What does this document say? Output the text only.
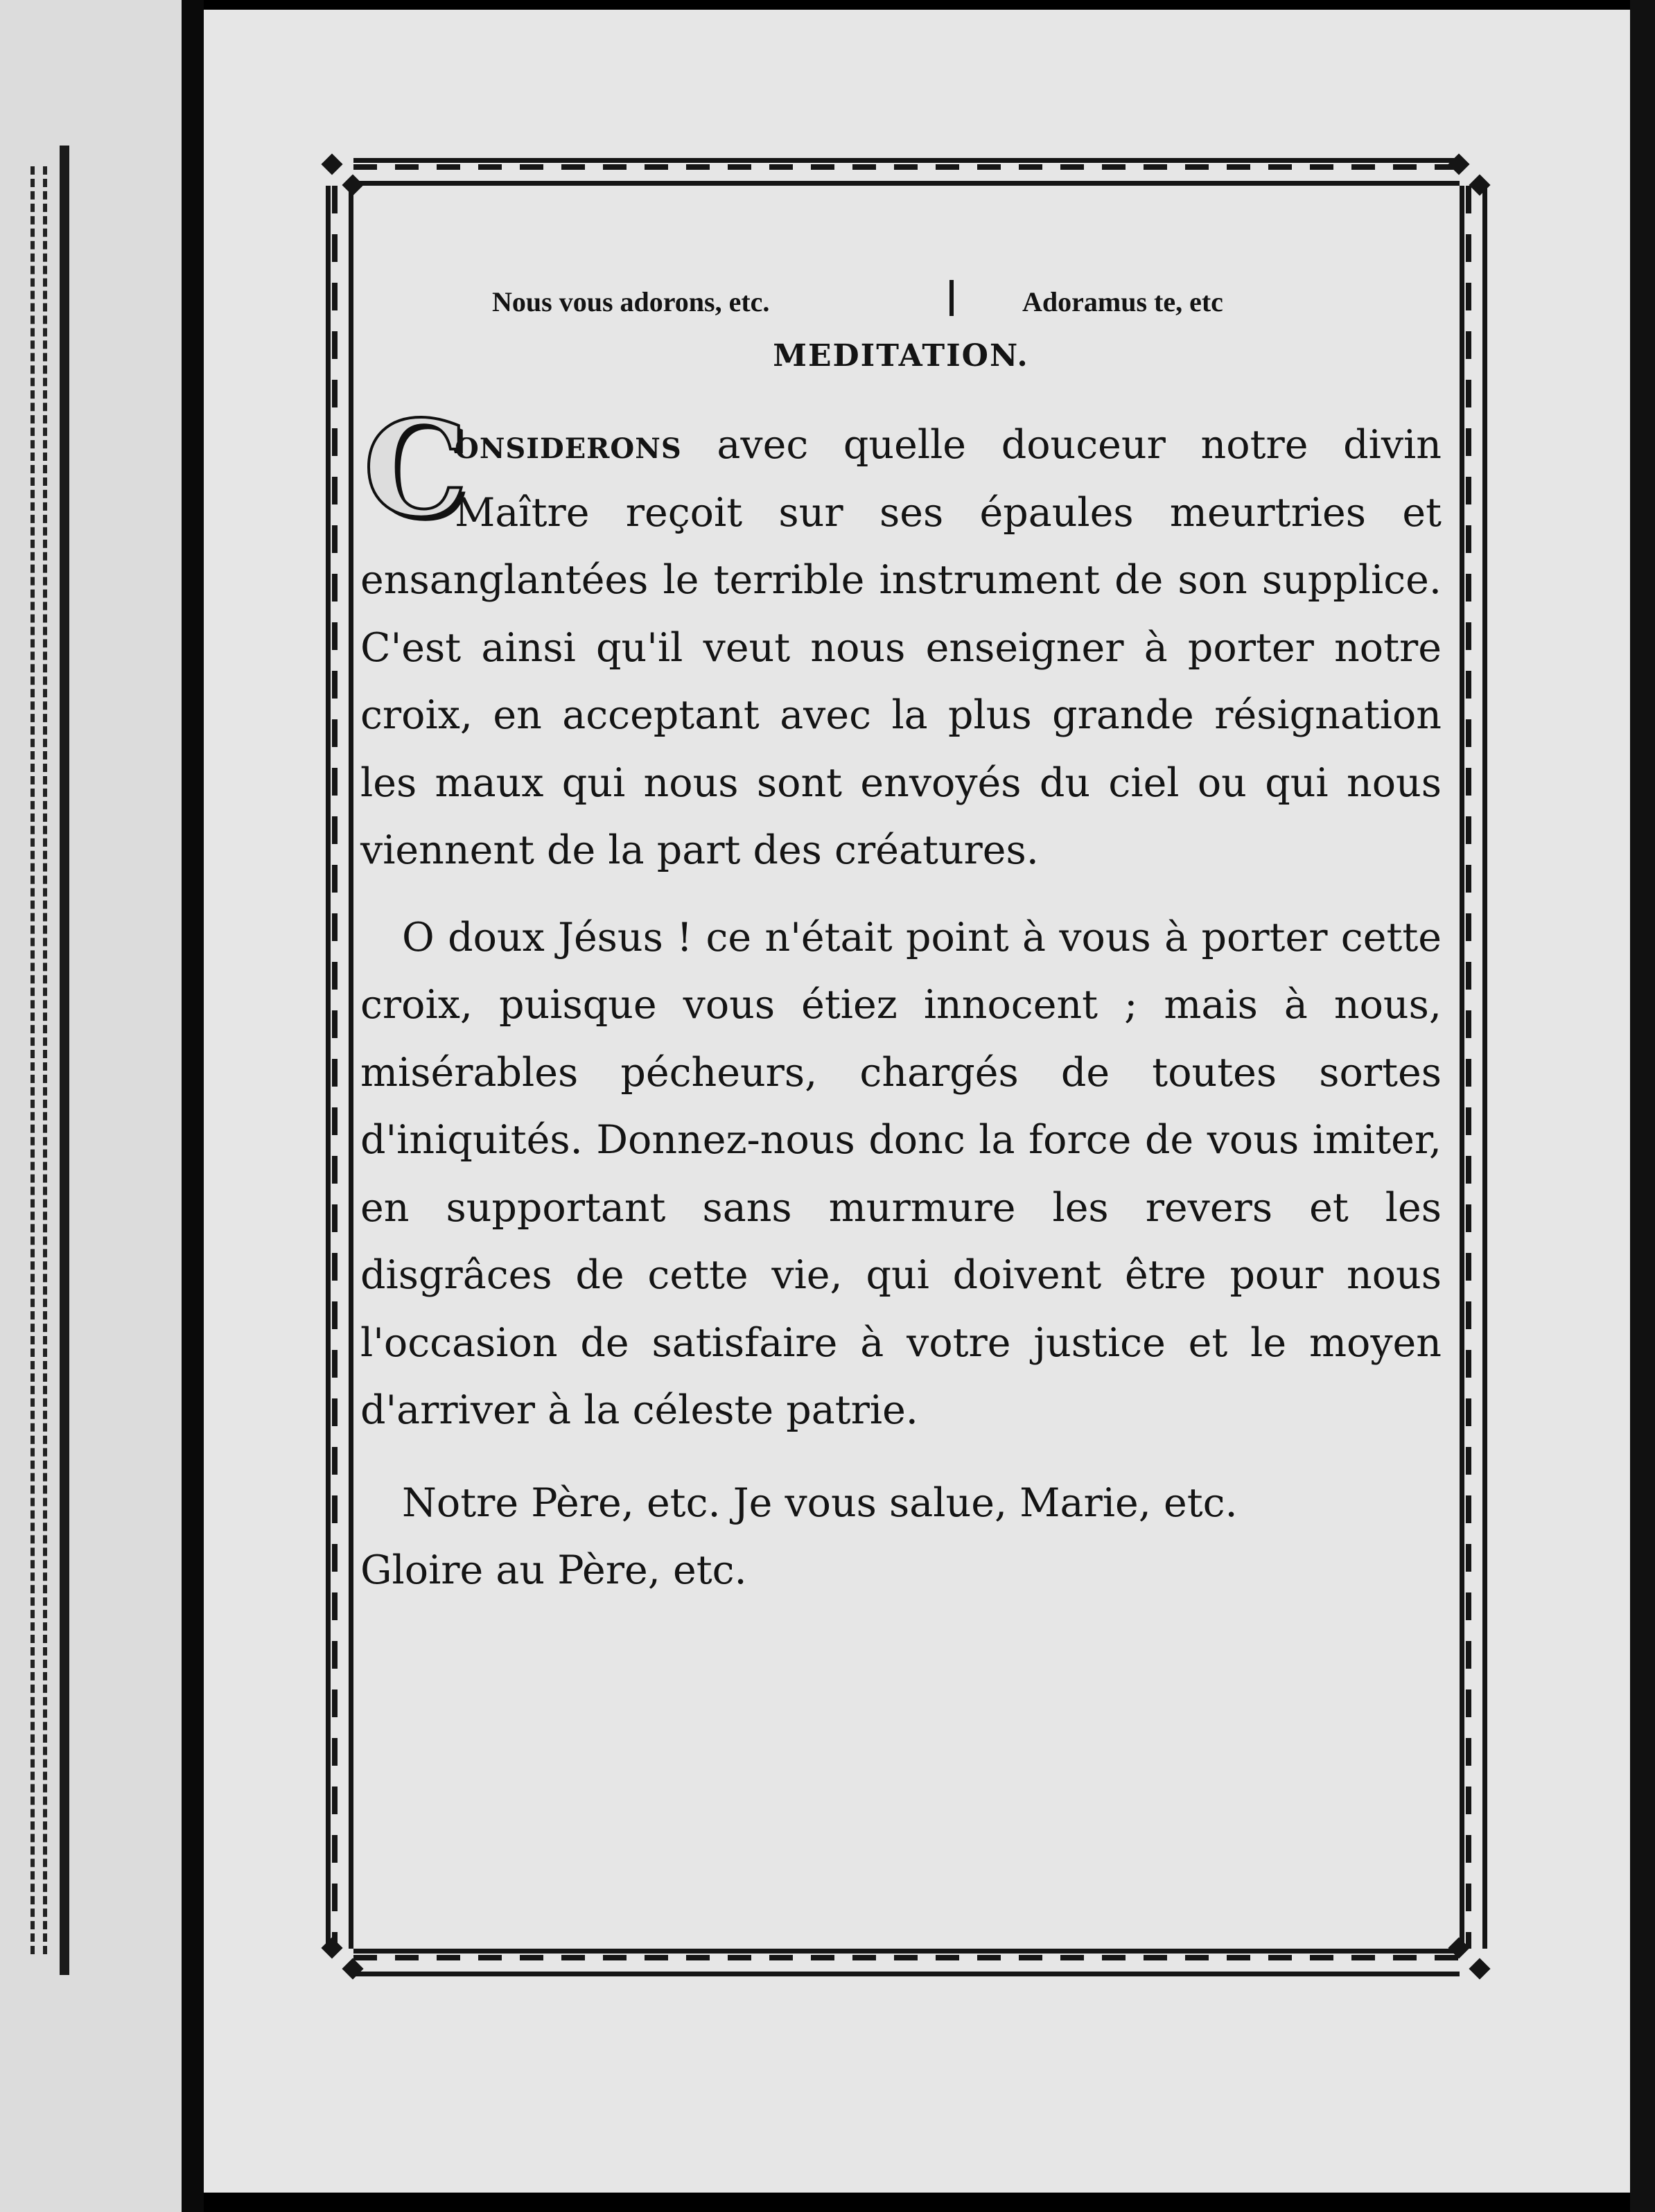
Nous vous adorons, etc.	Adoramus te, etc
MEDITATION.

C
onsiderons avec quelle douceur notre divin Maître reçoit sur ses épaules meurtries et ensanglantées le terrible instrument de son supplice. C'est ainsi qu'il veut nous enseigner à porter notre croix, en acceptant avec la plus grande résignation les maux qui nous sont envoyés du ciel ou qui nous viennent de la part des créatures.

O doux Jésus ! ce n'était point à vous à porter cette croix, puisque vous étiez innocent ; mais à nous, misérables pécheurs, chargés de toutes sortes d'iniquités. Donnez-nous donc la force de vous imiter, en supportant sans murmure les revers et les disgrâces de cette vie, qui doivent être pour nous l'occasion de satisfaire à votre justice et le moyen d'arriver à la céleste patrie.

Notre Père, etc. Je vous salue, Marie, etc.
Gloire au Père, etc.
